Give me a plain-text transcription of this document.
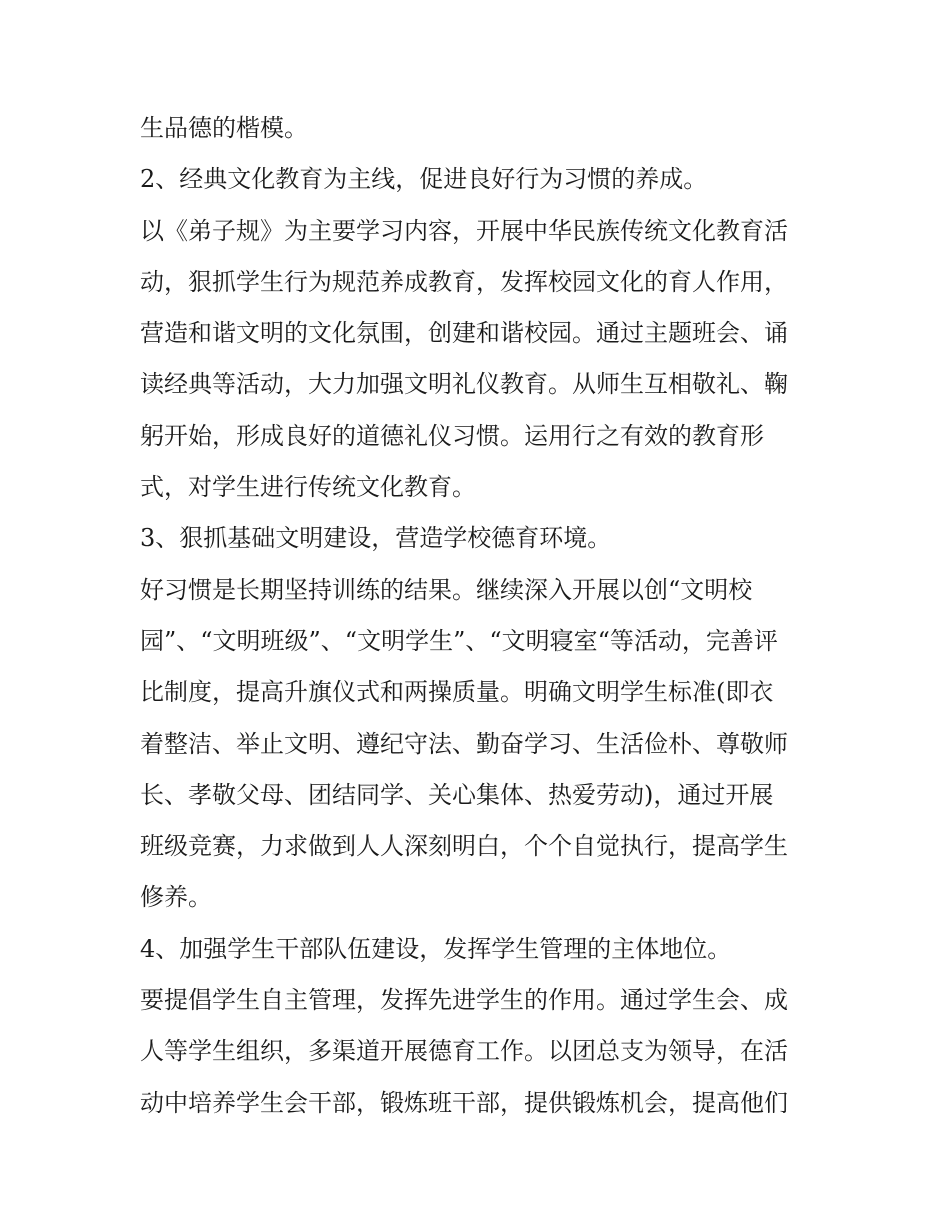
生品德的楷模。
2、经典文化教育为主线，促进良好行为习惯的养成。
以《弟子规》为主要学习内容，开展中华民族传统文化教育活
动，狠抓学生行为规范养成教育，发挥校园文化的育人作用，
营造和谐文明的文化氛围，创建和谐校园。通过主题班会、诵
读经典等活动，大力加强文明礼仪教育。从师生互相敬礼、鞠
躬开始，形成良好的道德礼仪习惯。运用行之有效的教育形
式，对学生进行传统文化教育。
3、狠抓基础文明建设，营造学校德育环境。
好习惯是长期坚持训练的结果。继续深入开展以创“文明校
园”、“文明班级”、“文明学生”、“文明寝室“等活动，完善评
比制度，提高升旗仪式和两操质量。明确文明学生标准(即衣
着整洁、举止文明、遵纪守法、勤奋学习、生活俭朴、尊敬师
长、孝敬父母、团结同学、关心集体、热爱劳动)，通过开展
班级竞赛，力求做到人人深刻明白，个个自觉执行，提高学生
修养。
4、加强学生干部队伍建设，发挥学生管理的主体地位。
要提倡学生自主管理，发挥先进学生的作用。通过学生会、成
人等学生组织，多渠道开展德育工作。以团总支为领导，在活
动中培养学生会干部，锻炼班干部，提供锻炼机会，提高他们
